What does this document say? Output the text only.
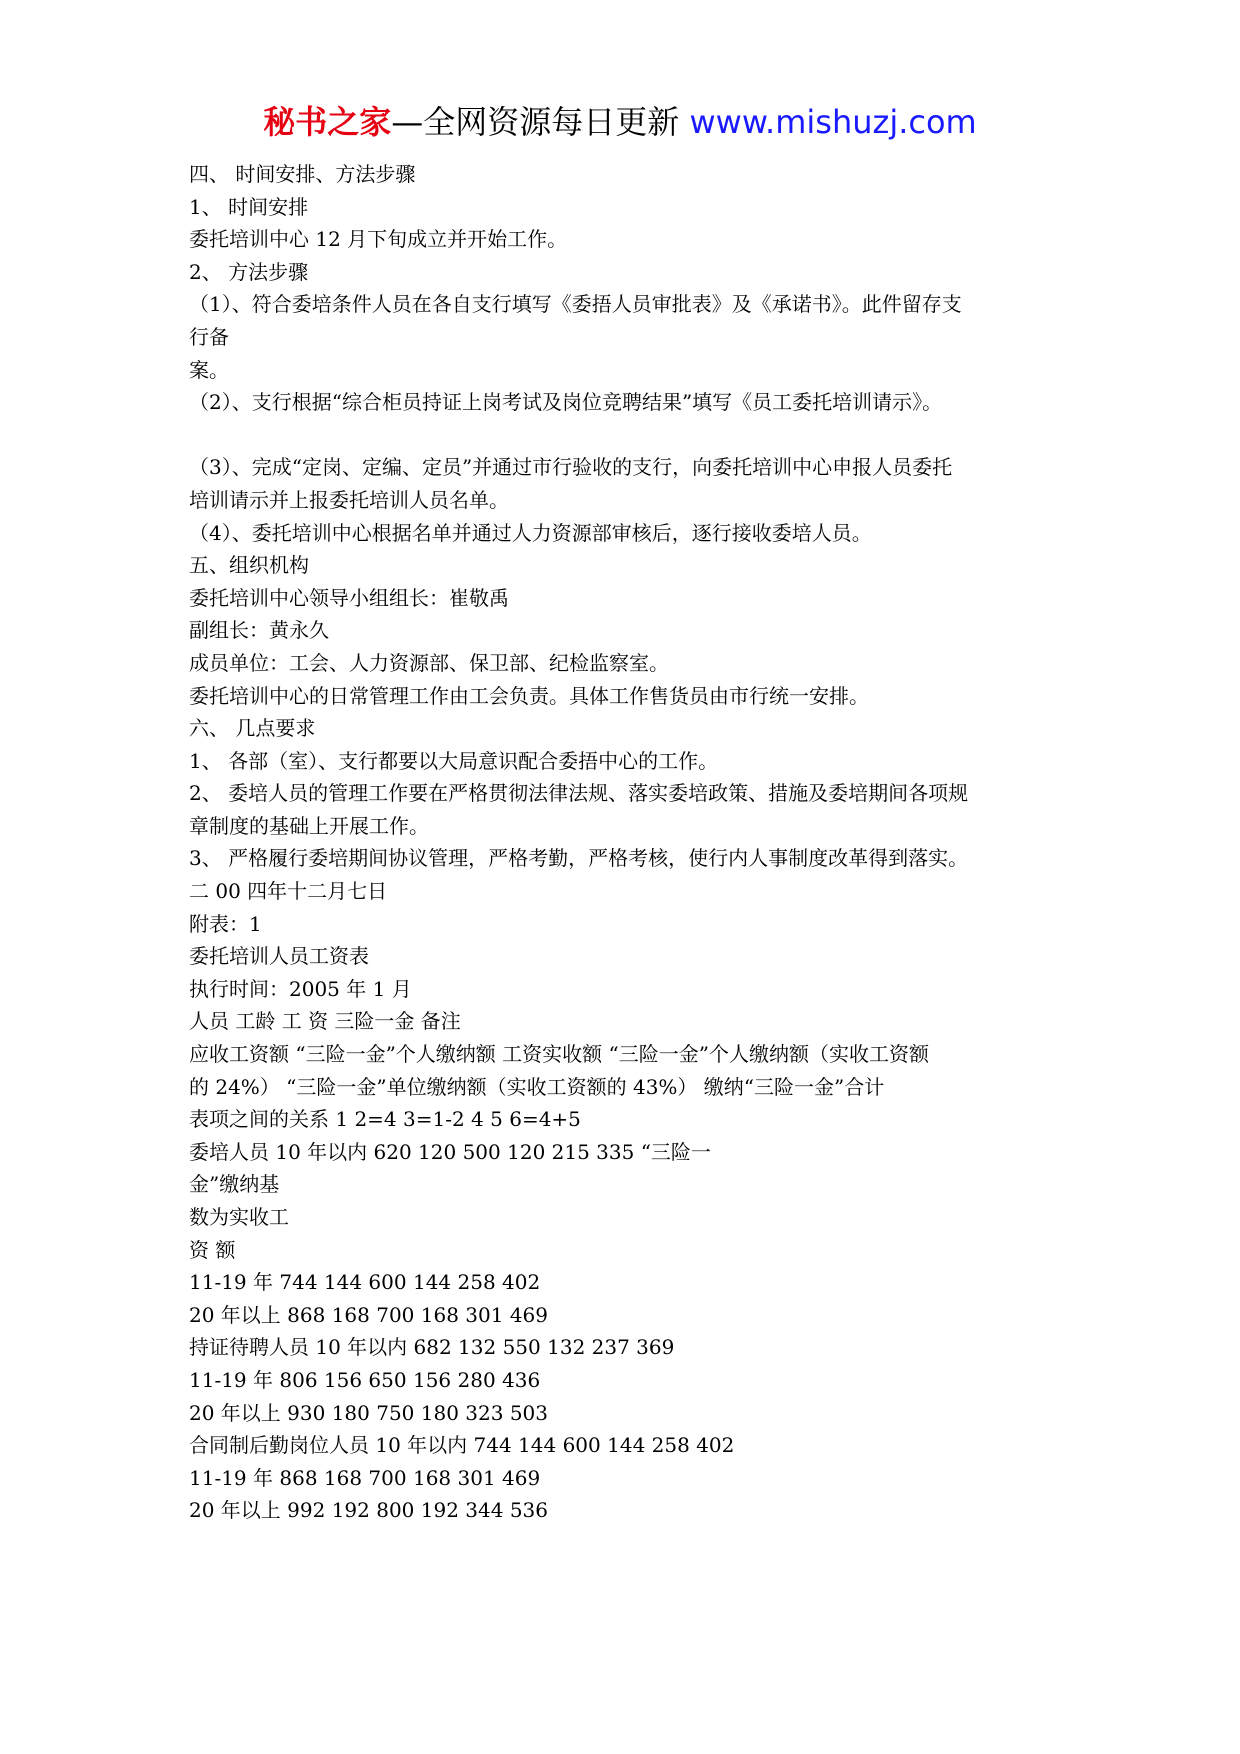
秘书之家—全网资源每日更新 www.mishuzj.com
四、 时间安排、方法步骤
1、 时间安排
委托培训中心 12 月下旬成立并开始工作。
2、 方法步骤
（1）、符合委培条件人员在各自支行填写《委捂人员审批表》及《承诺书》。此件留存支
行备
案。
（2）、支行根据“综合柜员持证上岗考试及岗位竞聘结果”填写《员工委托培训请示》。
（3）、完成“定岗、定编、定员”并通过市行验收的支行，向委托培训中心申报人员委托
培训请示并上报委托培训人员名单。
（4）、委托培训中心根据名单并通过人力资源部审核后，逐行接收委培人员。
五、组织机构
委托培训中心领导小组组长：崔敬禹
副组长：黄永久
成员单位：工会、人力资源部、保卫部、纪检监察室。
委托培训中心的日常管理工作由工会负责。具体工作售货员由市行统一安排。
六、 几点要求
1、 各部（室）、支行都要以大局意识配合委捂中心的工作。
2、 委培人员的管理工作要在严格贯彻法律法规、落实委培政策、措施及委培期间各项规
章制度的基础上开展工作。
3、 严格履行委培期间协议管理，严格考勤，严格考核，使行内人事制度改革得到落实。
二 00 四年十二月七日
附表：1
委托培训人员工资表
执行时间：2005 年 1 月
人员 工龄 工 资 三险一金 备注
应收工资额 “三险一金”个人缴纳额 工资实收额 “三险一金”个人缴纳额（实收工资额
的 24%） “三险一金”单位缴纳额（实收工资额的 43%） 缴纳“三险一金”合计
表项之间的关系 1 2=4 3=1-2 4 5 6=4+5
委培人员 10 年以内 620 120 500 120 215 335 “三险一
金”缴纳基
数为实收工
资 额
11-19 年 744 144 600 144 258 402
20 年以上 868 168 700 168 301 469
持证待聘人员 10 年以内 682 132 550 132 237 369
11-19 年 806 156 650 156 280 436
20 年以上 930 180 750 180 323 503
合同制后勤岗位人员 10 年以内 744 144 600 144 258 402
11-19 年 868 168 700 168 301 469
20 年以上 992 192 800 192 344 536
